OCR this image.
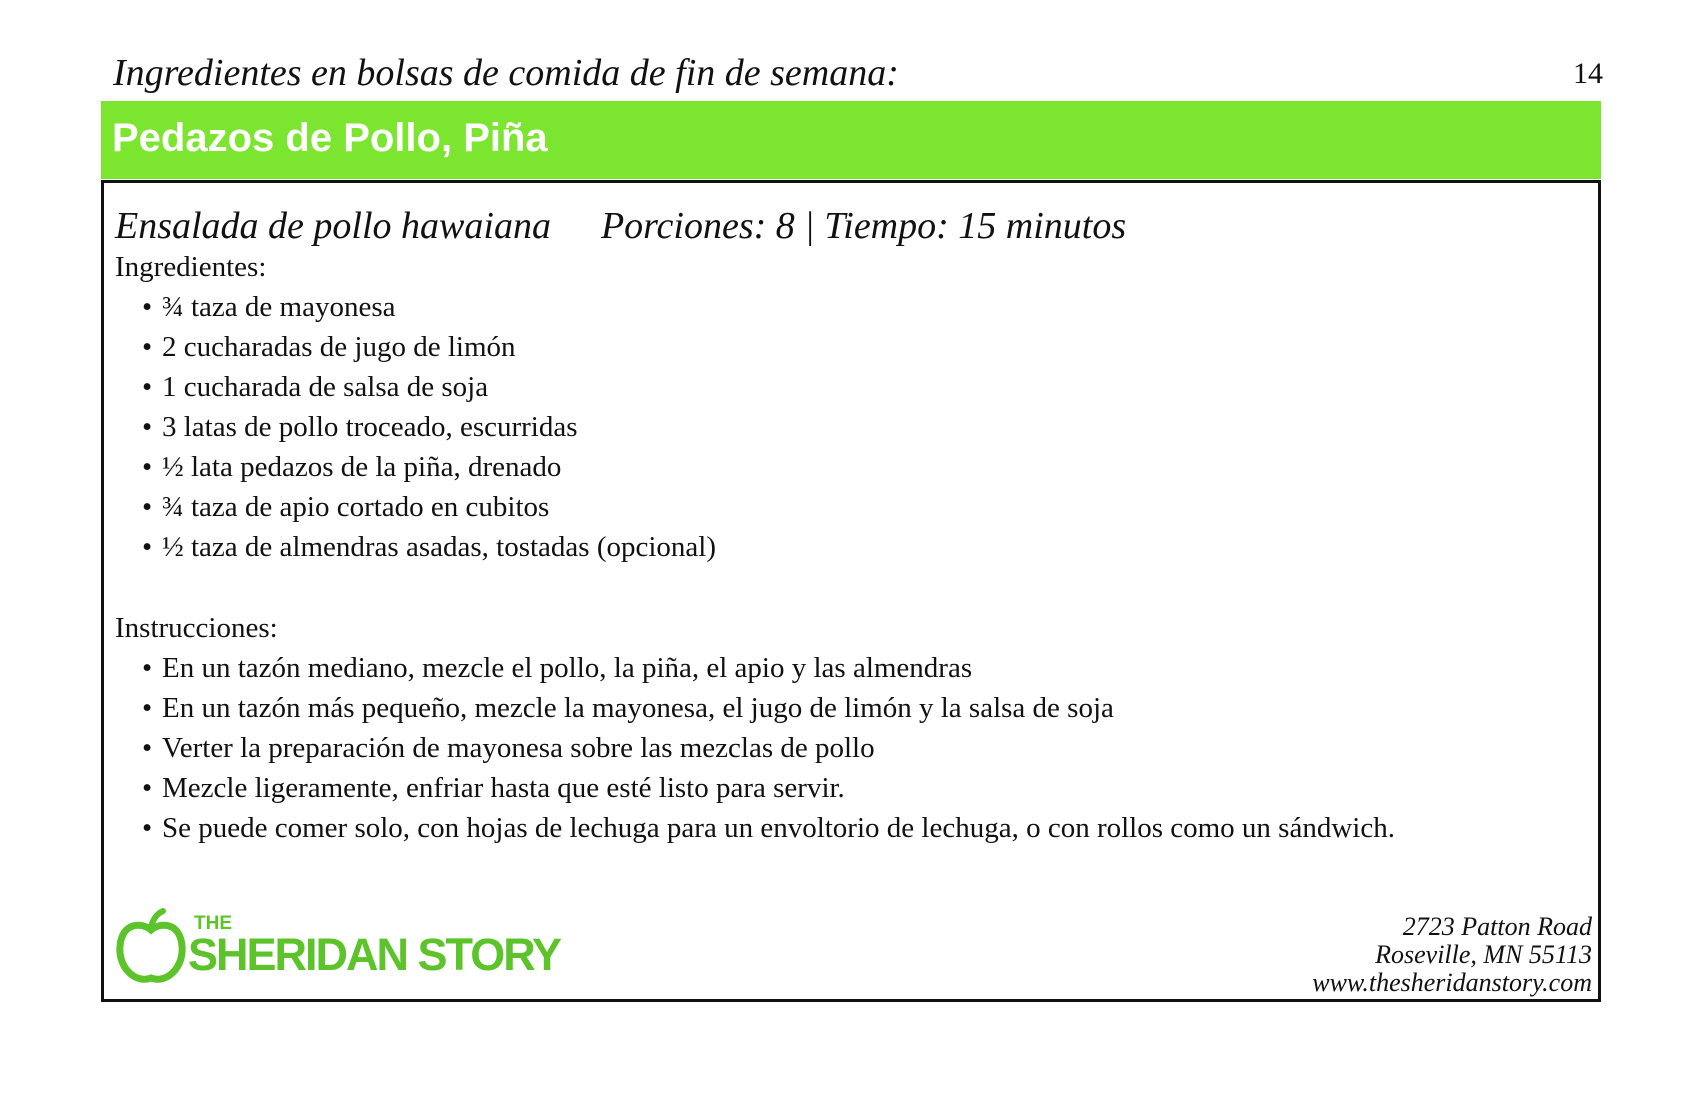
Ingredientes en bolsas de comida de fin de semana:	14
Pedazos de Pollo, Piña
Ensalada de pollo hawaiana Porciones: 8 | Tiempo: 15 minutos
Ingredientes:
• ¾ taza de mayonesa
• 2 cucharadas de jugo de limón
• 1 cucharada de salsa de soja
• 3 latas de pollo troceado, escurridas
• ½ lata pedazos de la piña, drenado
• ¾ taza de apio cortado en cubitos
• ½ taza de almendras asadas, tostadas (opcional)
Instrucciones:
• En un tazón mediano, mezcle el pollo, la piña, el apio y las almendras
• En un tazón más pequeño, mezcle la mayonesa, el jugo de limón y la salsa de soja
• Verter la preparación de mayonesa sobre las mezclas de pollo
• Mezcle ligeramente, enfriar hasta que esté listo para servir.
• Se puede comer solo, con hojas de lechuga para un envoltorio de lechuga, o con rollos como un sándwich.
THE
SHERIDAN STORY
2723 Patton Road
Roseville, MN 55113
www.thesheridanstory.com
